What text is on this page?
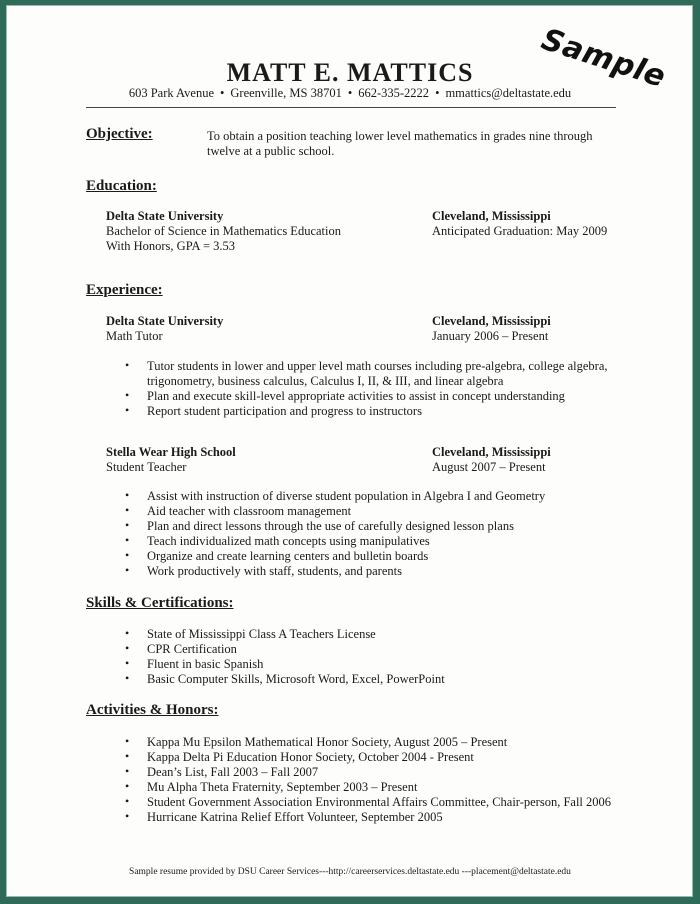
Sample
MATT E. MATTICS
603 Park Avenue • Greenville, MS 38701 • 662-335-2222 • mmattics@deltastate.edu
Objective:	To obtain a position teaching lower level mathematics in grades nine through
twelve at a public school.
Education:
Delta State University	Cleveland, Mississippi
Bachelor of Science in Mathematics Education	Anticipated Graduation: May 2009
With Honors, GPA = 3.53
Experience:
Delta State University	Cleveland, Mississippi
Math Tutor	January 2006 – Present
• Tutor students in lower and upper level math courses including pre-algebra, college algebra,
trigonometry, business calculus, Calculus I, II, & III, and linear algebra
• Plan and execute skill-level appropriate activities to assist in concept understanding
• Report student participation and progress to instructors
Stella Wear High School	Cleveland, Mississippi
Student Teacher	August 2007 – Present
• Assist with instruction of diverse student population in Algebra I and Geometry
• Aid teacher with classroom management
• Plan and direct lessons through the use of carefully designed lesson plans
• Teach individualized math concepts using manipulatives
• Organize and create learning centers and bulletin boards
• Work productively with staff, students, and parents
Skills & Certifications:
• State of Mississippi Class A Teachers License
• CPR Certification
• Fluent in basic Spanish
• Basic Computer Skills, Microsoft Word, Excel, PowerPoint
Activities & Honors:
• Kappa Mu Epsilon Mathematical Honor Society, August 2005 – Present
• Kappa Delta Pi Education Honor Society, October 2004 - Present
• Dean’s List, Fall 2003 – Fall 2007
• Mu Alpha Theta Fraternity, September 2003 – Present
• Student Government Association Environmental Affairs Committee, Chair-person, Fall 2006
• Hurricane Katrina Relief Effort Volunteer, September 2005
Sample resume provided by DSU Career Services---http://careerservices.deltastate.edu ---placement@deltastate.edu
